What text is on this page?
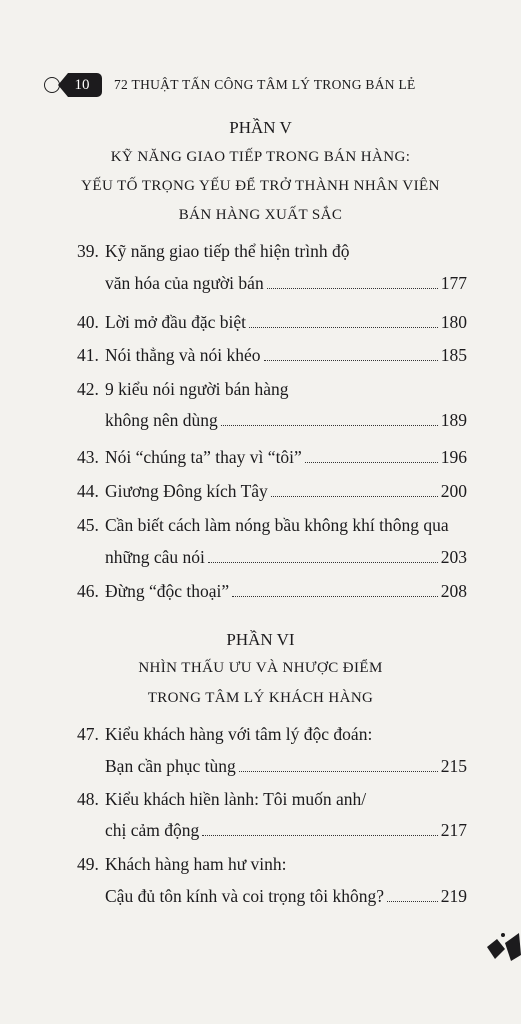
10	72 THUẬT TẤN CÔNG TÂM LÝ TRONG BÁN LẺ
PHẦN V
KỸ NĂNG GIAO TIẾP TRONG BÁN HÀNG:
YẾU TỐ TRỌNG YẾU ĐỂ TRỞ THÀNH NHÂN VIÊN
BÁN HÀNG XUẤT SẮC
39. Kỹ năng giao tiếp thể hiện trình độ
văn hóa của người bán	177
40. Lời mở đầu đặc biệt	180
41. Nói thẳng và nói khéo	185
42. 9 kiểu nói người bán hàng
không nên dùng	189
43. Nói “chúng ta” thay vì “tôi”	196
44. Giương Đông kích Tây	200
45. Cần biết cách làm nóng bầu không khí thông qua
những câu nói	203
46. Đừng “độc thoại”	208
PHẦN VI
NHÌN THẤU ƯU VÀ NHƯỢC ĐIỂM
TRONG TÂM LÝ KHÁCH HÀNG
47. Kiểu khách hàng với tâm lý độc đoán:
Bạn cần phục tùng	215
48. Kiểu khách hiền lành: Tôi muốn anh/
chị cảm động	217
49. Khách hàng ham hư vinh:
Cậu đủ tôn kính và coi trọng tôi không?	219
